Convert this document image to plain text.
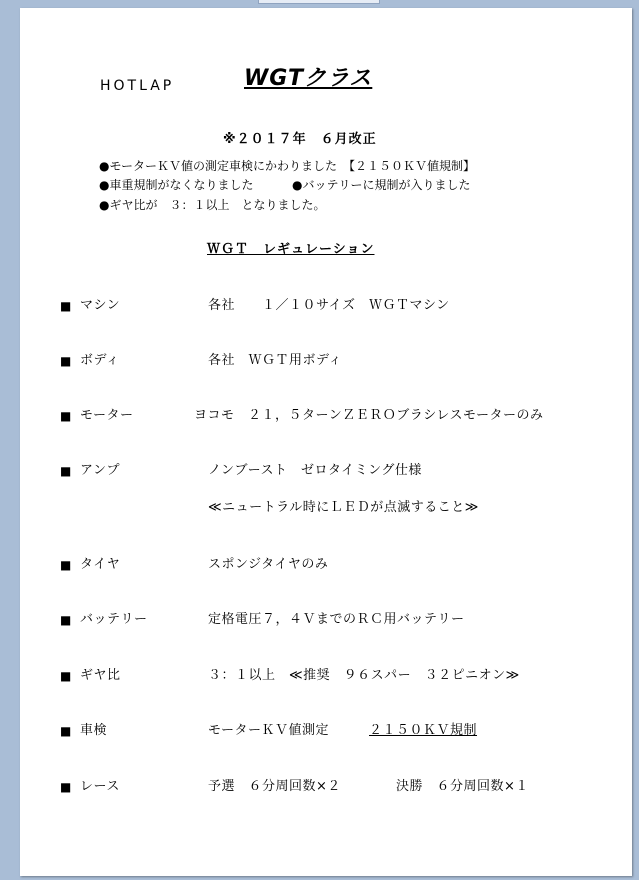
HOTLAP	WGTクラス
※２０１７年　６月改正
●モーターＫＶ値の測定車検にかわりました　【２１５０ＫＶ値規制】
●車重規制がなくなりました	●バッテリーに規制が入りました
●ギヤ比が　３：１以上　となりました。
ＷＧＴ　レギュレーション
■ マシン	各社　　１／１０サイズ　ＷＧＴマシン
■ ボディ	各社　ＷＧＴ用ボディ
■ モーター	ヨコモ　２１，５ターンＺＥＲＯブラシレスモーターのみ
■ アンプ	ノンブースト　ゼロタイミング仕様
≪ニュートラル時にＬＥＤが点滅すること≫
■ タイヤ	スポンジタイヤのみ
■ バッテリー	定格電圧７，４ＶまでのＲＣ用バッテリー
■ ギヤ比	３：１以上　≪推奨　９６スパー　３２ピニオン≫
■ 車検	モーターＫＶ値測定	２１５０ＫＶ規制
■ レース	予選　６分周回数×２	決勝　６分周回数×１
